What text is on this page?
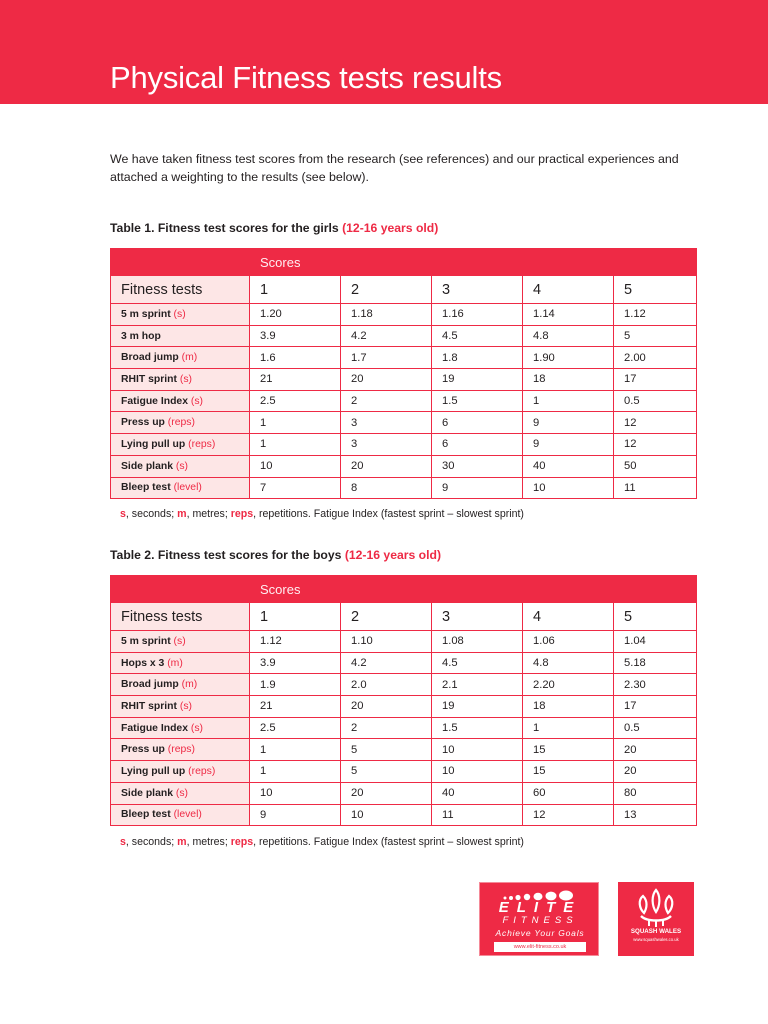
Physical Fitness tests results

We have taken fitness test scores from the research (see references) and our practical experiences and attached a weighting to the results (see below).

Table 1. Fitness test scores for the girls (12-16 years old)
	Scores				
Fitness tests	1	2	3	4	5
5 m sprint (s)	1.20	1.18	1.16	1.14	1.12
3 m hop	3.9	4.2	4.5	4.8	5
Broad jump (m)	1.6	1.7	1.8	1.90	2.00
RHIT sprint (s)	21	20	19	18	17
Fatigue Index (s)	2.5	2	1.5	1	0.5
Press up (reps)	1	3	6	9	12
Lying pull up (reps)	1	3	6	9	12
Side plank (s)	10	20	30	40	50
Bleep test (level)	7	8	9	10	11
s, seconds; m, metres; reps, repetitions. Fatigue Index (fastest sprint – slowest sprint)
Table 2. Fitness test scores for the boys (12-16 years old)
	Scores				
Fitness tests	1	2	3	4	5
5 m sprint (s)	1.12	1.10	1.08	1.06	1.04
Hops x 3 (m)	3.9	4.2	4.5	4.8	5.18
Broad jump (m)	1.9	2.0	2.1	2.20	2.30
RHIT sprint (s)	21	20	19	18	17
Fatigue Index (s)	2.5	2	1.5	1	0.5
Press up (reps)	1	5	10	15	20
Lying pull up (reps)	1	5	10	15	20
Side plank (s)	10	20	40	60	80
Bleep test (level)	9	10	11	12	13
s, seconds; m, metres; reps, repetitions. Fatigue Index (fastest sprint – slowest sprint)
ELITE
FITNESS
Achieve Your Goals
www.elit-fitness.co.uk
SQUASH WALES
www.squashwales.co.uk
